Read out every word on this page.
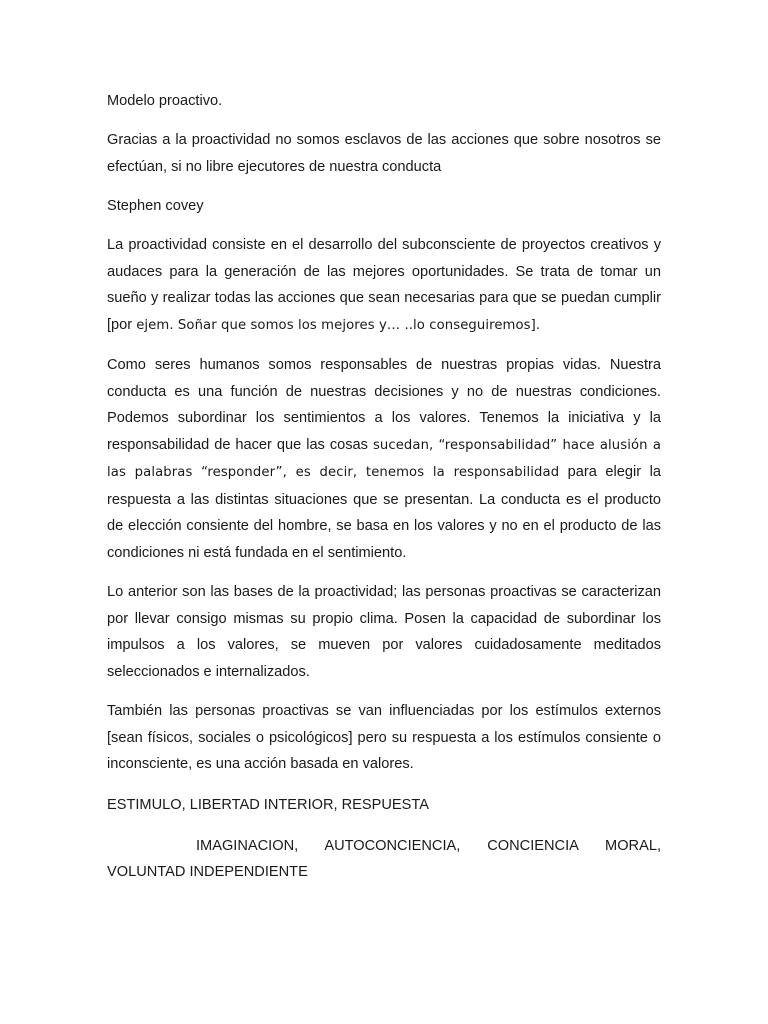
Modelo proactivo.

Gracias a la proactividad no somos esclavos de las acciones que sobre nosotros se efectúan, si no libre ejecutores de nuestra conducta

Stephen covey

La proactividad consiste en el desarrollo del subconsciente de proyectos creativos y audaces para la generación de las mejores oportunidades. Se trata de tomar un sueño y realizar todas las acciones que sean necesarias para que se puedan cumplir [por ejem. Soñar que somos los mejores y… ..lo conseguiremos].

Como seres humanos somos responsables de nuestras propias vidas. Nuestra conducta es una función de nuestras decisiones y no de nuestras condiciones. Podemos subordinar los sentimientos a los valores. Tenemos la iniciativa y la responsabilidad de hacer que las cosas sucedan, “responsabilidad” hace alusión a las palabras “responder”, es decir, tenemos la responsabilidad para elegir la respuesta a las distintas situaciones que se presentan. La conducta es el producto de elección consiente del hombre, se basa en los valores y no en el producto de las condiciones ni está fundada en el sentimiento.

Lo anterior son las bases de la proactividad; las personas proactivas se caracterizan por llevar consigo mismas su propio clima. Posen la capacidad de subordinar los impulsos a los valores, se mueven por valores cuidadosamente meditados seleccionados e internalizados.

También las personas proactivas se van influenciadas por los estímulos externos [sean físicos, sociales o psicológicos] pero su respuesta a los estímulos consiente o inconsciente, es una acción basada en valores.

ESTIMULO, LIBERTAD INTERIOR, RESPUESTA

IMAGINACION, AUTOCONCIENCIA, CONCIENCIA MORAL, VOLUNTAD INDEPENDIENTE
